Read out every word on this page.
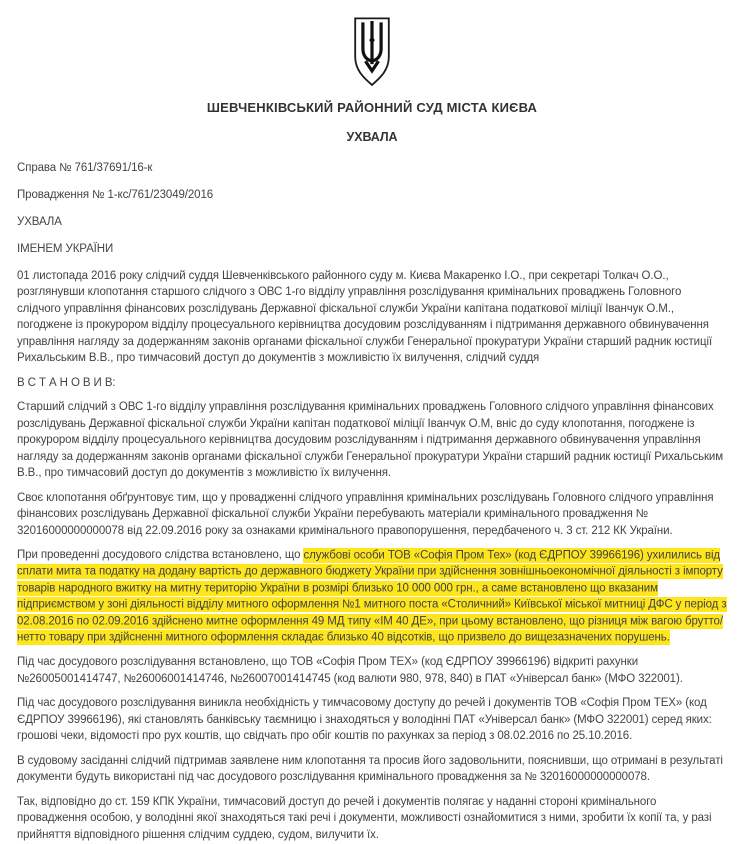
ШЕВЧЕНКІВСЬКИЙ РАЙОННИЙ СУД МІСТА КИЄВА
УХВАЛА

Справа № 761/37691/16-к

Провадження № 1-кс/761/23049/2016

УХВАЛА

ІМЕНЕМ УКРАЇНИ

01 листопада 2016 року слідчий суддя Шевченківського районного суду м. Києва Макаренко І.О., при секретарі Толкач О.О., розглянувши клопотання старшого слідчого з ОВС 1-го відділу управління розслідування кримінальних проваджень Головного слідчого управління фінансових розслідувань Державної фіскальної служби України капітана податкової міліції Іванчук О.М., погоджене із прокурором відділу процесуального керівництва досудовим розслідуванням і підтримання державного обвинувачення управління нагляду за додержанням законів органами фіскальної служби Генеральної прокуратури України старший радник юстиції Рихальським В.В., про тимчасовий доступ до документів з можливістю їх вилучення, слідчий суддя

В С Т А Н О В И В:

Старший слідчий з ОВС 1-го відділу управління розслідування кримінальних проваджень Головного слідчого управління фінансових розслідувань Державної фіскальної служби України капітан податкової міліції Іванчук О.М, вніс до суду клопотання, погоджене із прокурором відділу процесуального керівництва досудовим розслідуванням і підтримання державного обвинувачення управління нагляду за додержанням законів органами фіскальної служби Генеральної прокуратури України старший радник юстиції Рихальським В.В., про тимчасовий доступ до документів з можливістю їх вилучення.

Своє клопотання обґрунтовує тим, що у провадженні слідчого управління кримінальних розслідувань Головного слідчого управління фінансових розслідувань Державної фіскальної служби України перебувають матеріали кримінального провадження № 32016000000000078 від 22.09.2016 року за ознаками кримінального правопорушення, передбаченого ч. 3 ст. 212 КК України.

При проведенні досудового слідства встановлено, що службові особи ТОВ «Софія Пром Тех» (код ЄДРПОУ 39966196) ухилились від сплати мита та податку на додану вартість до державного бюджету України при здійснення зовнішньоекономічної діяльності з імпорту товарів народного вжитку на митну територію України в розмірі близько 10 000 000 грн., а саме встановлено що вказаним підприємством у зоні діяльності відділу митного оформлення №1 митного поста «Столичний» Київської міської митниці ДФС у період з 02.08.2016 по 02.09.2016 здійснено митне оформлення 49 МД типу «ІМ 40 ДЕ», при цьому встановлено, що різниця між вагою брутто/нетто товару при здійсненні митного оформлення складає близько 40 відсотків, що призвело до вищезазначених порушень.

Під час досудового розслідування встановлено, що ТОВ «Софія Пром ТЕХ» (код ЄДРПОУ 39966196) відкриті рахунки №26005001414747, №26006001414746, №26007001414745 (код валюти 980, 978, 840) в ПАТ «Універсал банк» (МФО 322001).

Під час досудового розслідування виникла необхідність у тимчасовому доступу до речей і документів ТОВ «Софія Пром ТЕХ» (код ЄДРПОУ 39966196), які становлять банківську таємницю і знаходяться у володінні ПАТ «Універсал банк» (МФО 322001) серед яких: грошові чеки, відомості про рух коштів, що свідчать про обіг коштів по рахунках за період з 08.02.2016 по 25.10.2016.

В судовому засіданні слідчий підтримав заявлене ним клопотання та просив його задовольнити, пояснивши, що отримані в результаті документи будуть використані під час досудового розслідування кримінального провадження за № 32016000000000078.

Так, відповідно до ст. 159 КПК України, тимчасовий доступ до речей і документів полягає у наданні стороні кримінального провадження особою, у володінні якої знаходяться такі речі і документи, можливості ознайомитися з ними, зробити їх копії та, у разі прийняття відповідного рішення слідчим суддею, судом, вилучити їх.
